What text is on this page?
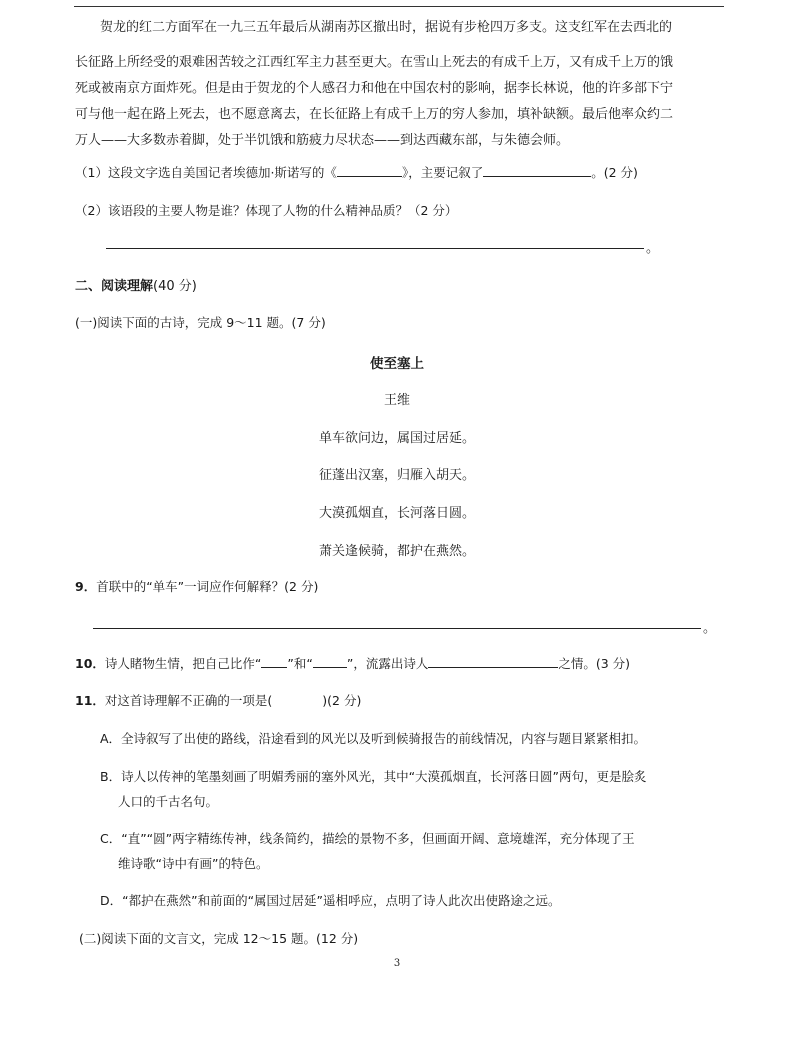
贺龙的红二方面军在一九三五年最后从湖南苏区撤出时，据说有步枪四万多支。这支红军在去西北的
长征路上所经受的艰难困苦较之江西红军主力甚至更大。在雪山上死去的有成千上万，又有成千上万的饿
死或被南京方面炸死。但是由于贺龙的个人感召力和他在中国农村的影响，据李长林说，他的许多部下宁
可与他一起在路上死去，也不愿意离去，在长征路上有成千上万的穷人参加，填补缺额。最后他率众约二
万人——大多数赤着脚，处于半饥饿和筋疲力尽状态——到达西藏东部，与朱德会师。
（1）这段文字选自美国记者埃德加·斯诺写的《	》，主要记叙了	。(2 分)
（2）该语段的主要人物是谁？体现了人物的什么精神品质？（2 分）
。
二、阅读理解(40 分)
(一)阅读下面的古诗，完成 9～11 题。(7 分)
使至塞上
王维
单车欲问边，属国过居延。
征蓬出汉塞，归雁入胡天。
大漠孤烟直，长河落日圆。
萧关逢候骑，都护在燕然。
9．首联中的“单车”一词应作何解释？(2 分)
。
10．诗人睹物生情，把自己比作“ ”和“	”，流露出诗人	之情。(3 分)
11．对这首诗理解不正确的一项是(	)(2 分)
A．全诗叙写了出使的路线，沿途看到的风光以及听到候骑报告的前线情况，内容与题目紧紧相扣。
B．诗人以传神的笔墨刻画了明媚秀丽的塞外风光，其中“大漠孤烟直，长河落日圆”两句，更是脍炙
人口的千古名句。
C．“直”“圆”两字精练传神，线条简约，描绘的景物不多，但画面开阔、意境雄浑，充分体现了王
维诗歌“诗中有画”的特色。
D．“都护在燕然”和前面的“属国过居延”遥相呼应，点明了诗人此次出使路途之远。
(二)阅读下面的文言文，完成 12～15 题。(12 分)
3
